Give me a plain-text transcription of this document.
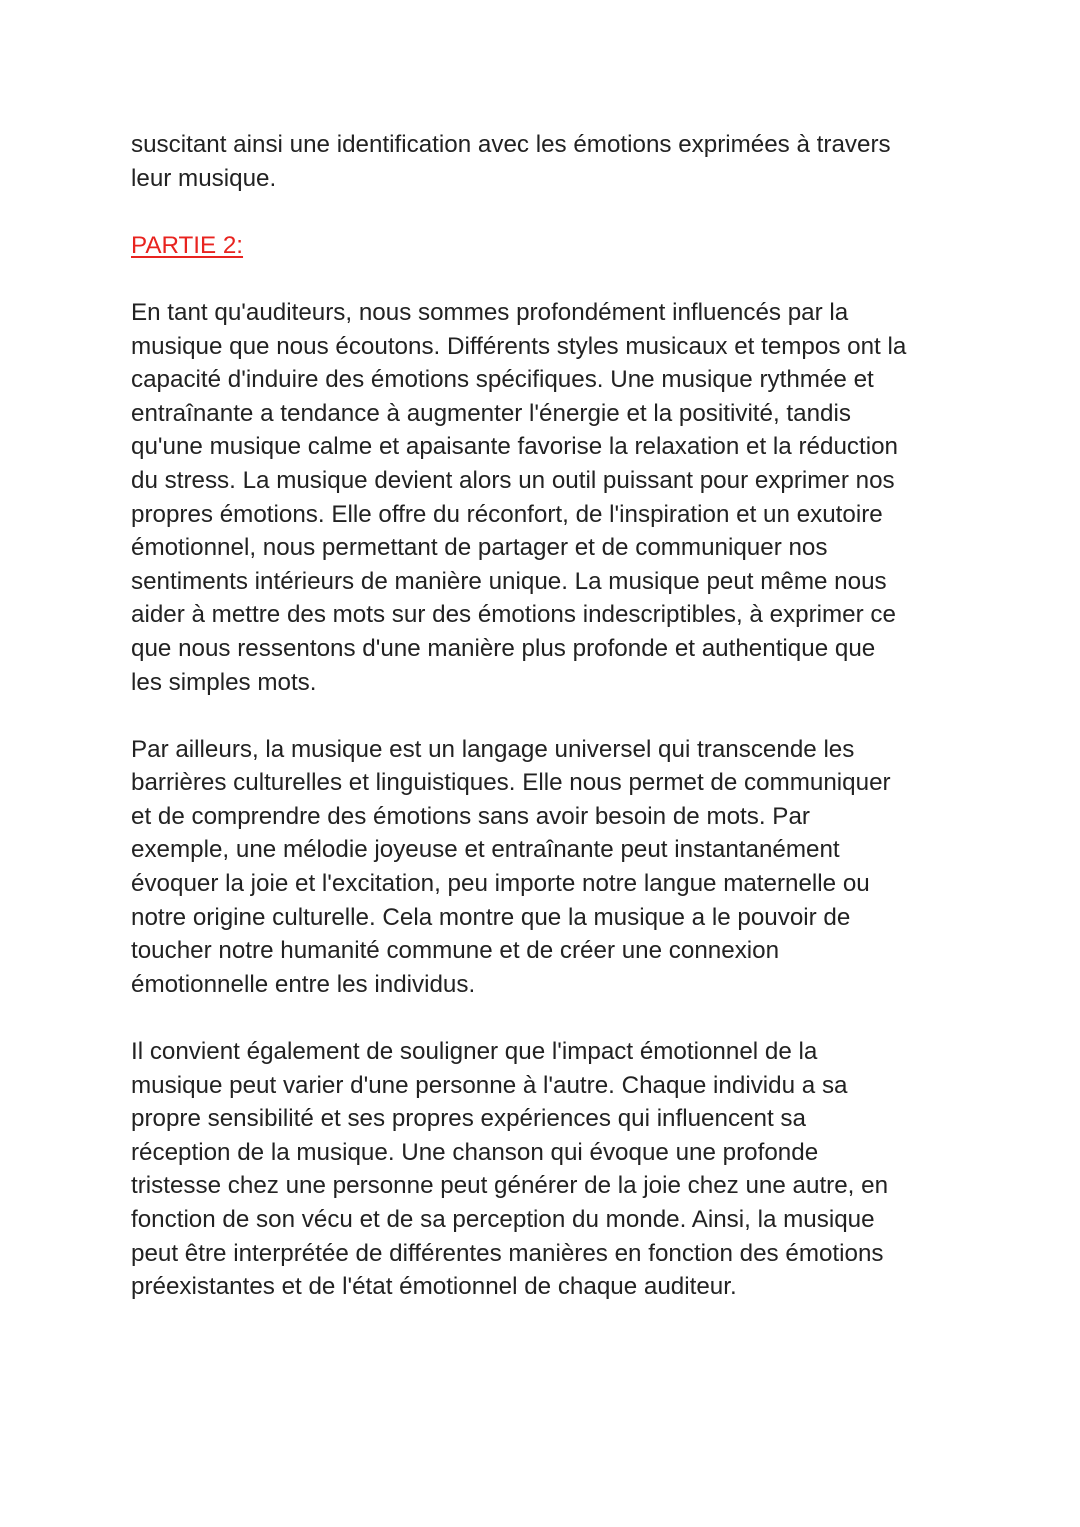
suscitant ainsi une identification avec les émotions exprimées à travers
leur musique.

PARTIE 2:

En tant qu'auditeurs, nous sommes profondément influencés par la
musique que nous écoutons. Différents styles musicaux et tempos ont la
capacité d'induire des émotions spécifiques. Une musique rythmée et
entraînante a tendance à augmenter l'énergie et la positivité, tandis
qu'une musique calme et apaisante favorise la relaxation et la réduction
du stress. La musique devient alors un outil puissant pour exprimer nos
propres émotions. Elle offre du réconfort, de l'inspiration et un exutoire
émotionnel, nous permettant de partager et de communiquer nos
sentiments intérieurs de manière unique. La musique peut même nous
aider à mettre des mots sur des émotions indescriptibles, à exprimer ce
que nous ressentons d'une manière plus profonde et authentique que
les simples mots.

Par ailleurs, la musique est un langage universel qui transcende les
barrières culturelles et linguistiques. Elle nous permet de communiquer
et de comprendre des émotions sans avoir besoin de mots. Par
exemple, une mélodie joyeuse et entraînante peut instantanément
évoquer la joie et l'excitation, peu importe notre langue maternelle ou
notre origine culturelle. Cela montre que la musique a le pouvoir de
toucher notre humanité commune et de créer une connexion
émotionnelle entre les individus.

Il convient également de souligner que l'impact émotionnel de la
musique peut varier d'une personne à l'autre. Chaque individu a sa
propre sensibilité et ses propres expériences qui influencent sa
réception de la musique. Une chanson qui évoque une profonde
tristesse chez une personne peut générer de la joie chez une autre, en
fonction de son vécu et de sa perception du monde. Ainsi, la musique
peut être interprétée de différentes manières en fonction des émotions
préexistantes et de l'état émotionnel de chaque auditeur.
